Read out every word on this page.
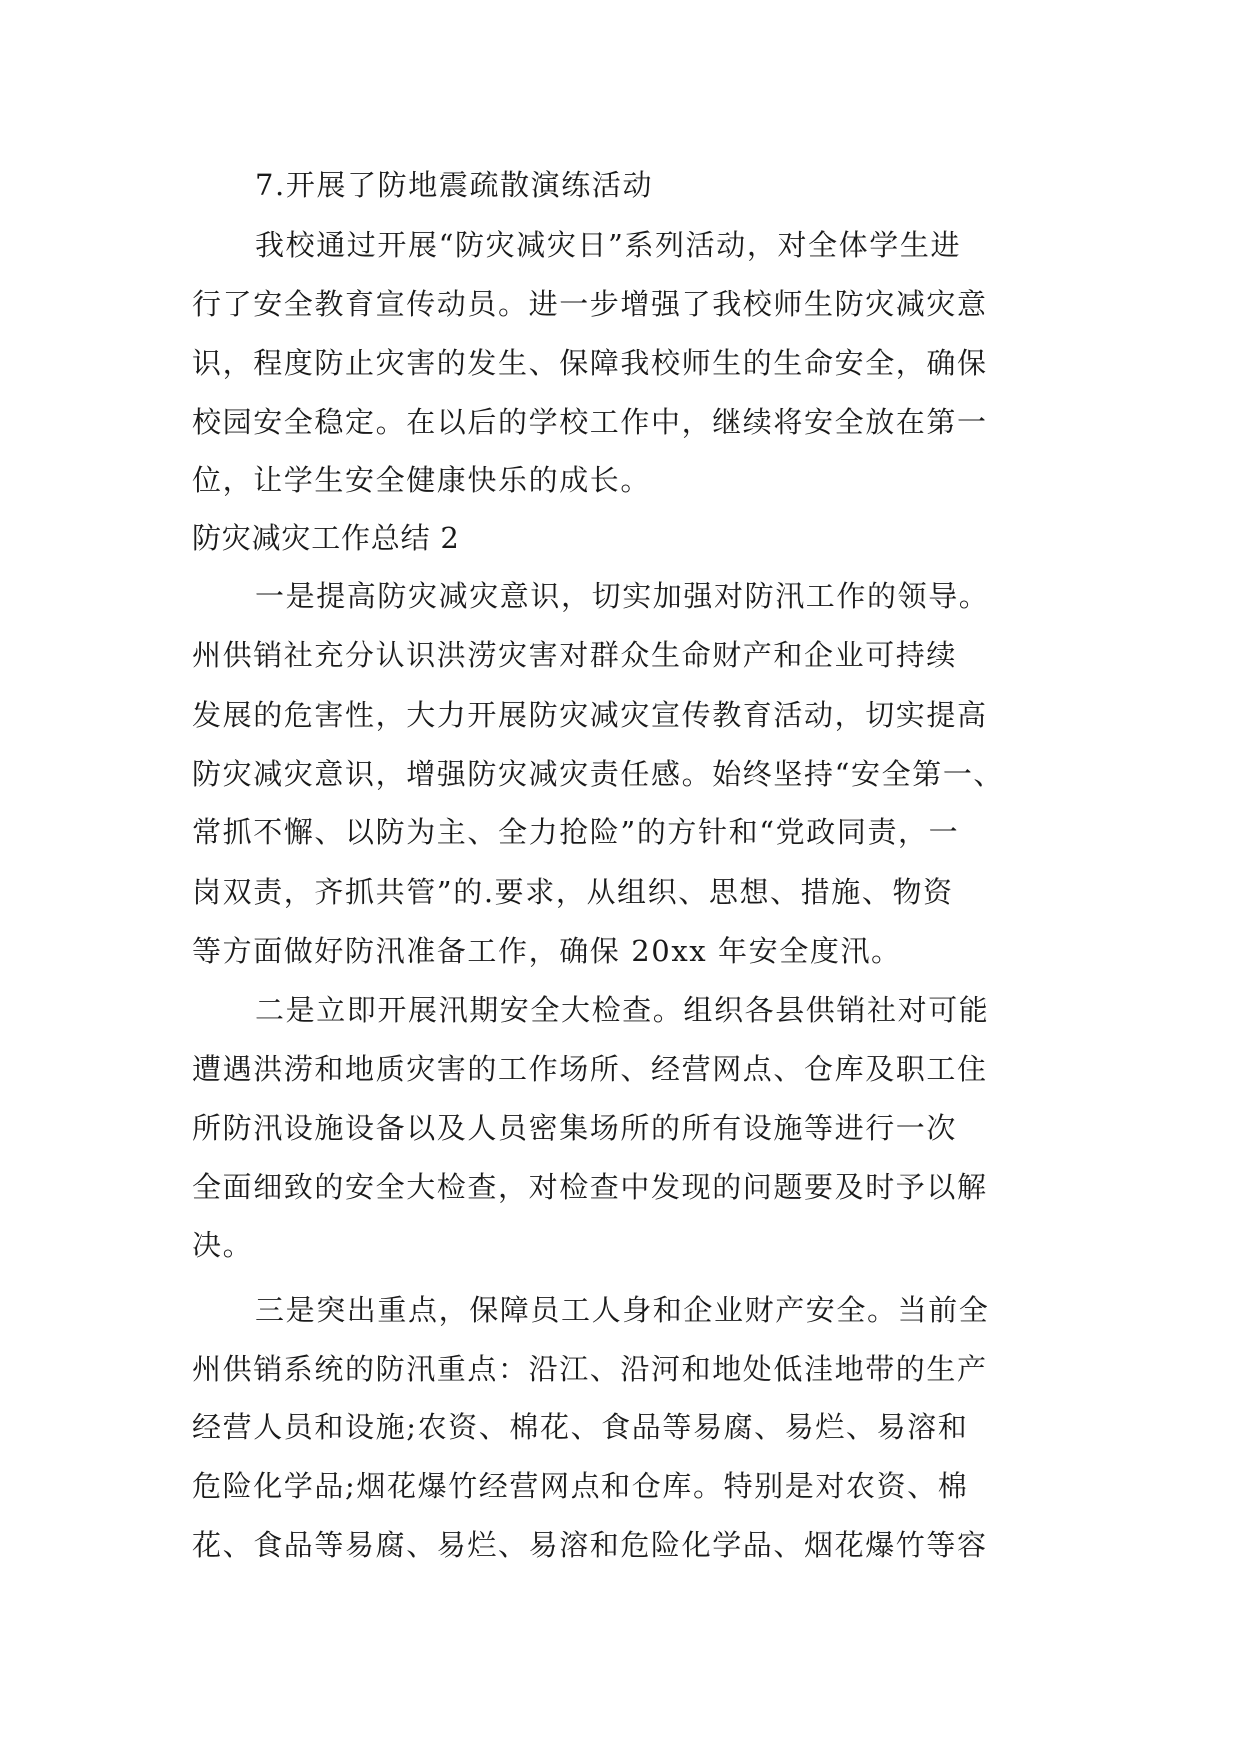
7.开展了防地震疏散演练活动
我校通过开展“防灾减灾日”系列活动，对全体学生进
行了安全教育宣传动员。进一步增强了我校师生防灾减灾意
识，程度防止灾害的发生、保障我校师生的生命安全，确保
校园安全稳定。在以后的学校工作中，继续将安全放在第一
位，让学生安全健康快乐的成长。
防灾减灾工作总结 2
一是提高防灾减灾意识，切实加强对防汛工作的领导。
州供销社充分认识洪涝灾害对群众生命财产和企业可持续
发展的危害性，大力开展防灾减灾宣传教育活动，切实提高
防灾减灾意识，增强防灾减灾责任感。始终坚持“安全第一、
常抓不懈、以防为主、全力抢险”的方针和“党政同责，一
岗双责，齐抓共管”的.要求，从组织、思想、措施、物资
等方面做好防汛准备工作，确保 20xx 年安全度汛。
二是立即开展汛期安全大检查。组织各县供销社对可能
遭遇洪涝和地质灾害的工作场所、经营网点、仓库及职工住
所防汛设施设备以及人员密集场所的所有设施等进行一次
全面细致的安全大检查，对检查中发现的问题要及时予以解
决。
三是突出重点，保障员工人身和企业财产安全。当前全
州供销系统的防汛重点：沿江、沿河和地处低洼地带的生产
经营人员和设施;农资、棉花、食品等易腐、易烂、易溶和
危险化学品;烟花爆竹经营网点和仓库。特别是对农资、棉
花、食品等易腐、易烂、易溶和危险化学品、烟花爆竹等容
